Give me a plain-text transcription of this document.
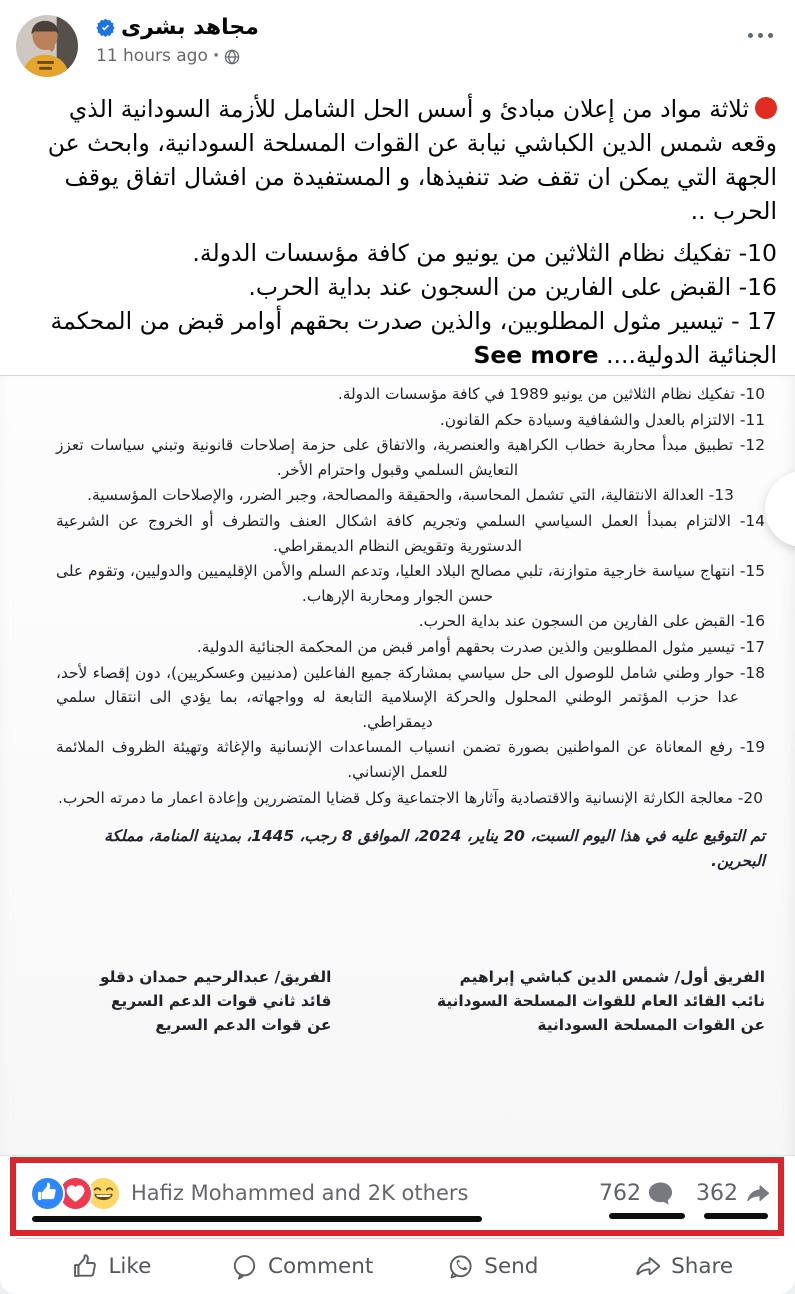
مجاهد بشرى
11 hours ago ·
ثلاثة مواد من إعلان مبادئ و أسس الحل الشامل للأزمة السودانية الذي وقعه شمس الدين الكباشي نيابة عن القوات المسلحة السودانية، وابحث عن الجهة التي يمكن ان تقف ضد تنفيذها، و المستفيدة من افشال اتفاق يوقف الحرب ..
10- تفكيك نظام الثلاثين من يونيو من كافة مؤسسات الدولة.
16- القبض على الفارين من السجون عند بداية الحرب.
17 - تيسير مثول المطلوبين، والذين صدرت بحقهم أوامر قبض من المحكمة الجنائية الدولية.... See more
10- تفكيك نظام الثلاثين من يونيو 1989 في كافة مؤسسات الدولة.
11- الالتزام بالعدل والشفافية وسيادة حكم القانون.
12- تطبيق مبدأ محاربة خطاب الكراهية والعنصرية، والاتفاق على حزمة إصلاحات قانونية وتبني سياسات تعزز التعايش السلمي وقبول واحترام الأخر.
13- العدالة الانتقالية، التي تشمل المحاسبة، والحقيقة والمصالحة، وجبر الضرر، والإصلاحات المؤسسية.
14- الالتزام بمبدأ العمل السياسي السلمي وتجريم كافة اشكال العنف والتطرف أو الخروج عن الشرعية الدستورية وتقويض النظام الديمقراطي.
15- انتهاج سياسة خارجية متوازنة، تلبي مصالح البلاد العليا، وتدعم السلم والأمن الإقليميين والدوليين، وتقوم على حسن الجوار ومحاربة الإرهاب.
16- القبض على الفارين من السجون عند بداية الحرب.
17- تيسير مثول المطلوبين والذين صدرت بحقهم أوامر قبض من المحكمة الجنائية الدولية.
18- حوار وطني شامل للوصول الى حل سياسي بمشاركة جميع الفاعلين (مدنيين وعسكريين)، دون إقصاء لأحد، عدا حزب المؤتمر الوطني المحلول والحركة الإسلامية التابعة له وواجهاته، بما يؤدي الى انتقال سلمي ديمقراطي.
19- رفع المعاناة عن المواطنين بصورة تضمن انسياب المساعدات الإنسانية والإغاثة وتهيئة الظروف الملائمة للعمل الإنساني.
20- معالجة الكارثة الإنسانية والاقتصادية وآثارها الاجتماعية وكل قضايا المتضررين وإعادة اعمار ما دمرته الحرب.
تم التوقيع عليه في هذا اليوم السبت، 20 يناير، 2024، الموافق 8 رجب، 1445، بمدينة المنامة، مملكة البحرين.
الفريق أول/ شمس الدين كباشي إبراهيم
نائب القائد العام للقوات المسلحة السودانية
عن القوات المسلحة السودانية
الفريق/ عبدالرحيم حمدان دقلو
قائد ثاني قوات الدعم السريع
عن قوات الدعم السريع
Hafiz Mohammed and 2K others	762	362
Like	Comment	Send	Share
